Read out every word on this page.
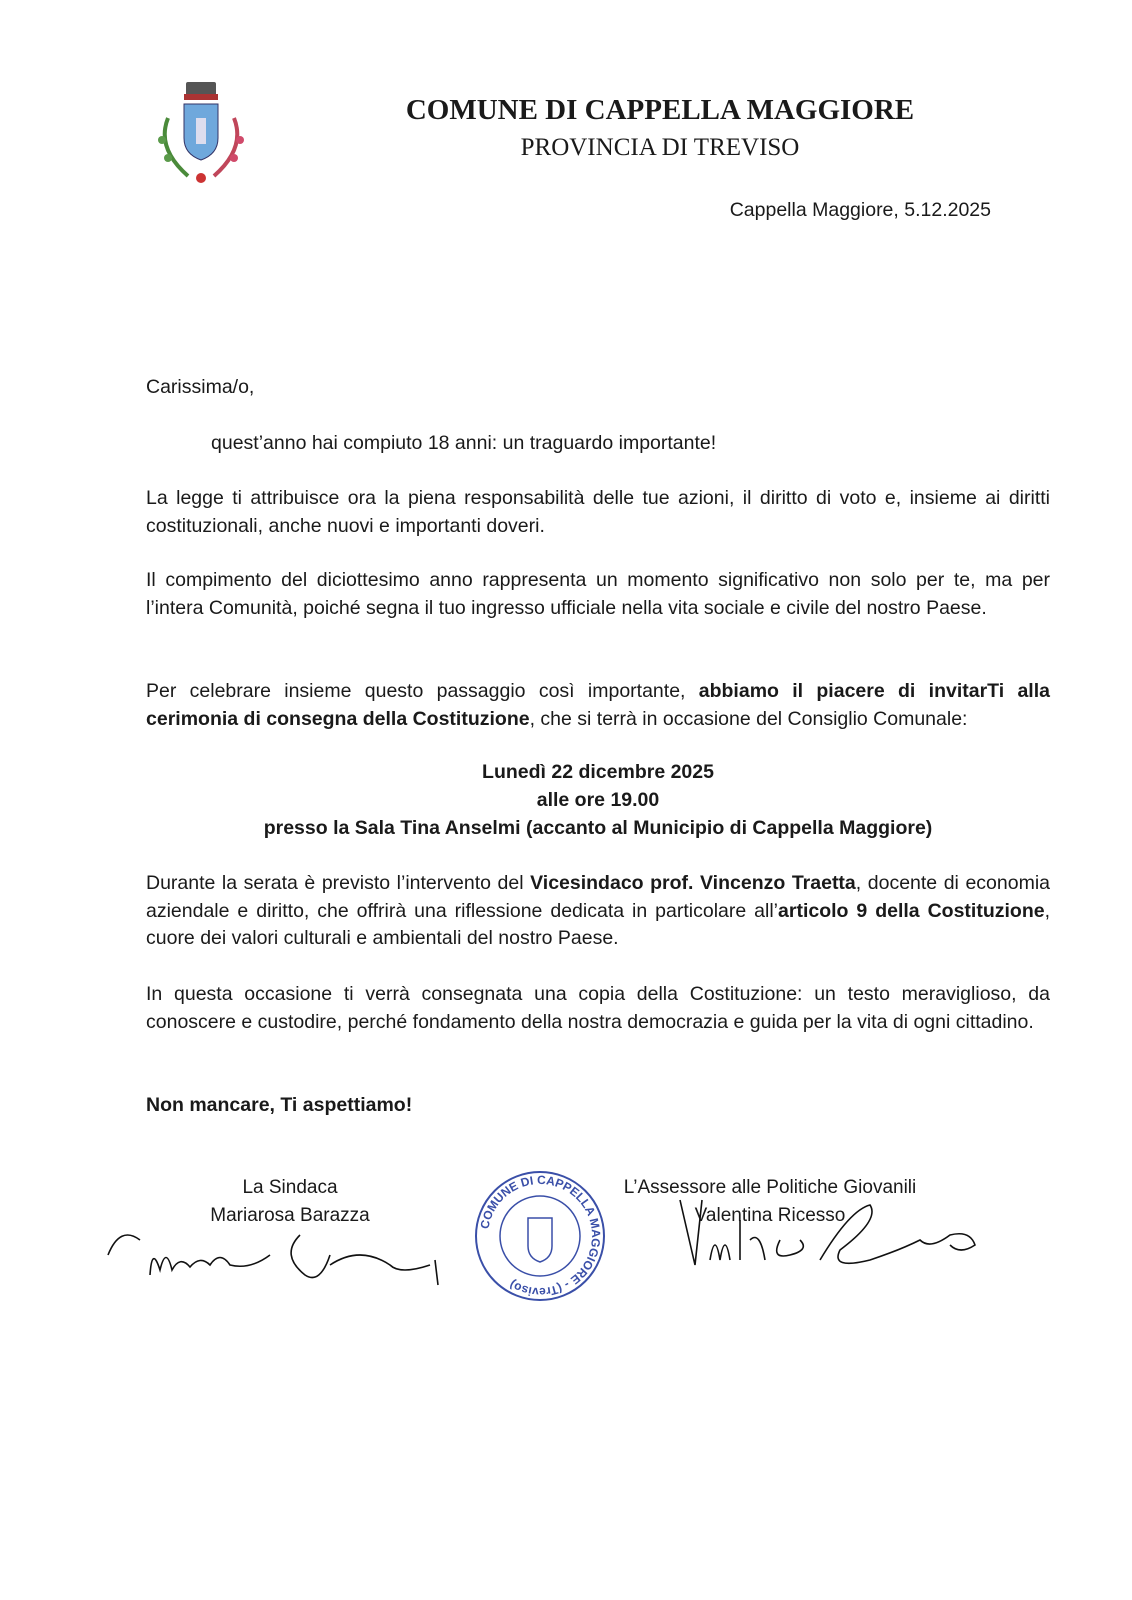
COMUNE DI CAPPELLA MAGGIORE
PROVINCIA DI TREVISO
Cappella Maggiore, 5.12.2025
Carissima/o,
quest’anno hai compiuto 18 anni: un traguardo importante!
La legge ti attribuisce ora la piena responsabilità delle tue azioni, il diritto di voto e, insieme ai diritti costituzionali, anche nuovi e importanti doveri.
Il compimento del diciottesimo anno rappresenta un momento significativo non solo per te, ma per l’intera Comunità, poiché segna il tuo ingresso ufficiale nella vita sociale e civile del nostro Paese.
Per celebrare insieme questo passaggio così importante, abbiamo il piacere di invitarTi alla cerimonia di consegna della Costituzione, che si terrà in occasione del Consiglio Comunale:
Lunedì 22 dicembre 2025
alle ore 19.00
presso la Sala Tina Anselmi (accanto al Municipio di Cappella Maggiore)
Durante la serata è previsto l’intervento del Vicesindaco prof. Vincenzo Traetta, docente di economia aziendale e diritto, che offrirà una riflessione dedicata in particolare all’articolo 9 della Costituzione, cuore dei valori culturali e ambientali del nostro Paese.
In questa occasione ti verrà consegnata una copia della Costituzione: un testo meraviglioso, da conoscere e custodire, perché fondamento della nostra democrazia e guida per la vita di ogni cittadino.
Non mancare, Ti aspettiamo!
La Sindaca
Mariarosa Barazza	COMUNE DI CAPPELLA MAGGIORE - (Treviso)
L’Assessore alle Politiche Giovanili
Valentina Ricesso
